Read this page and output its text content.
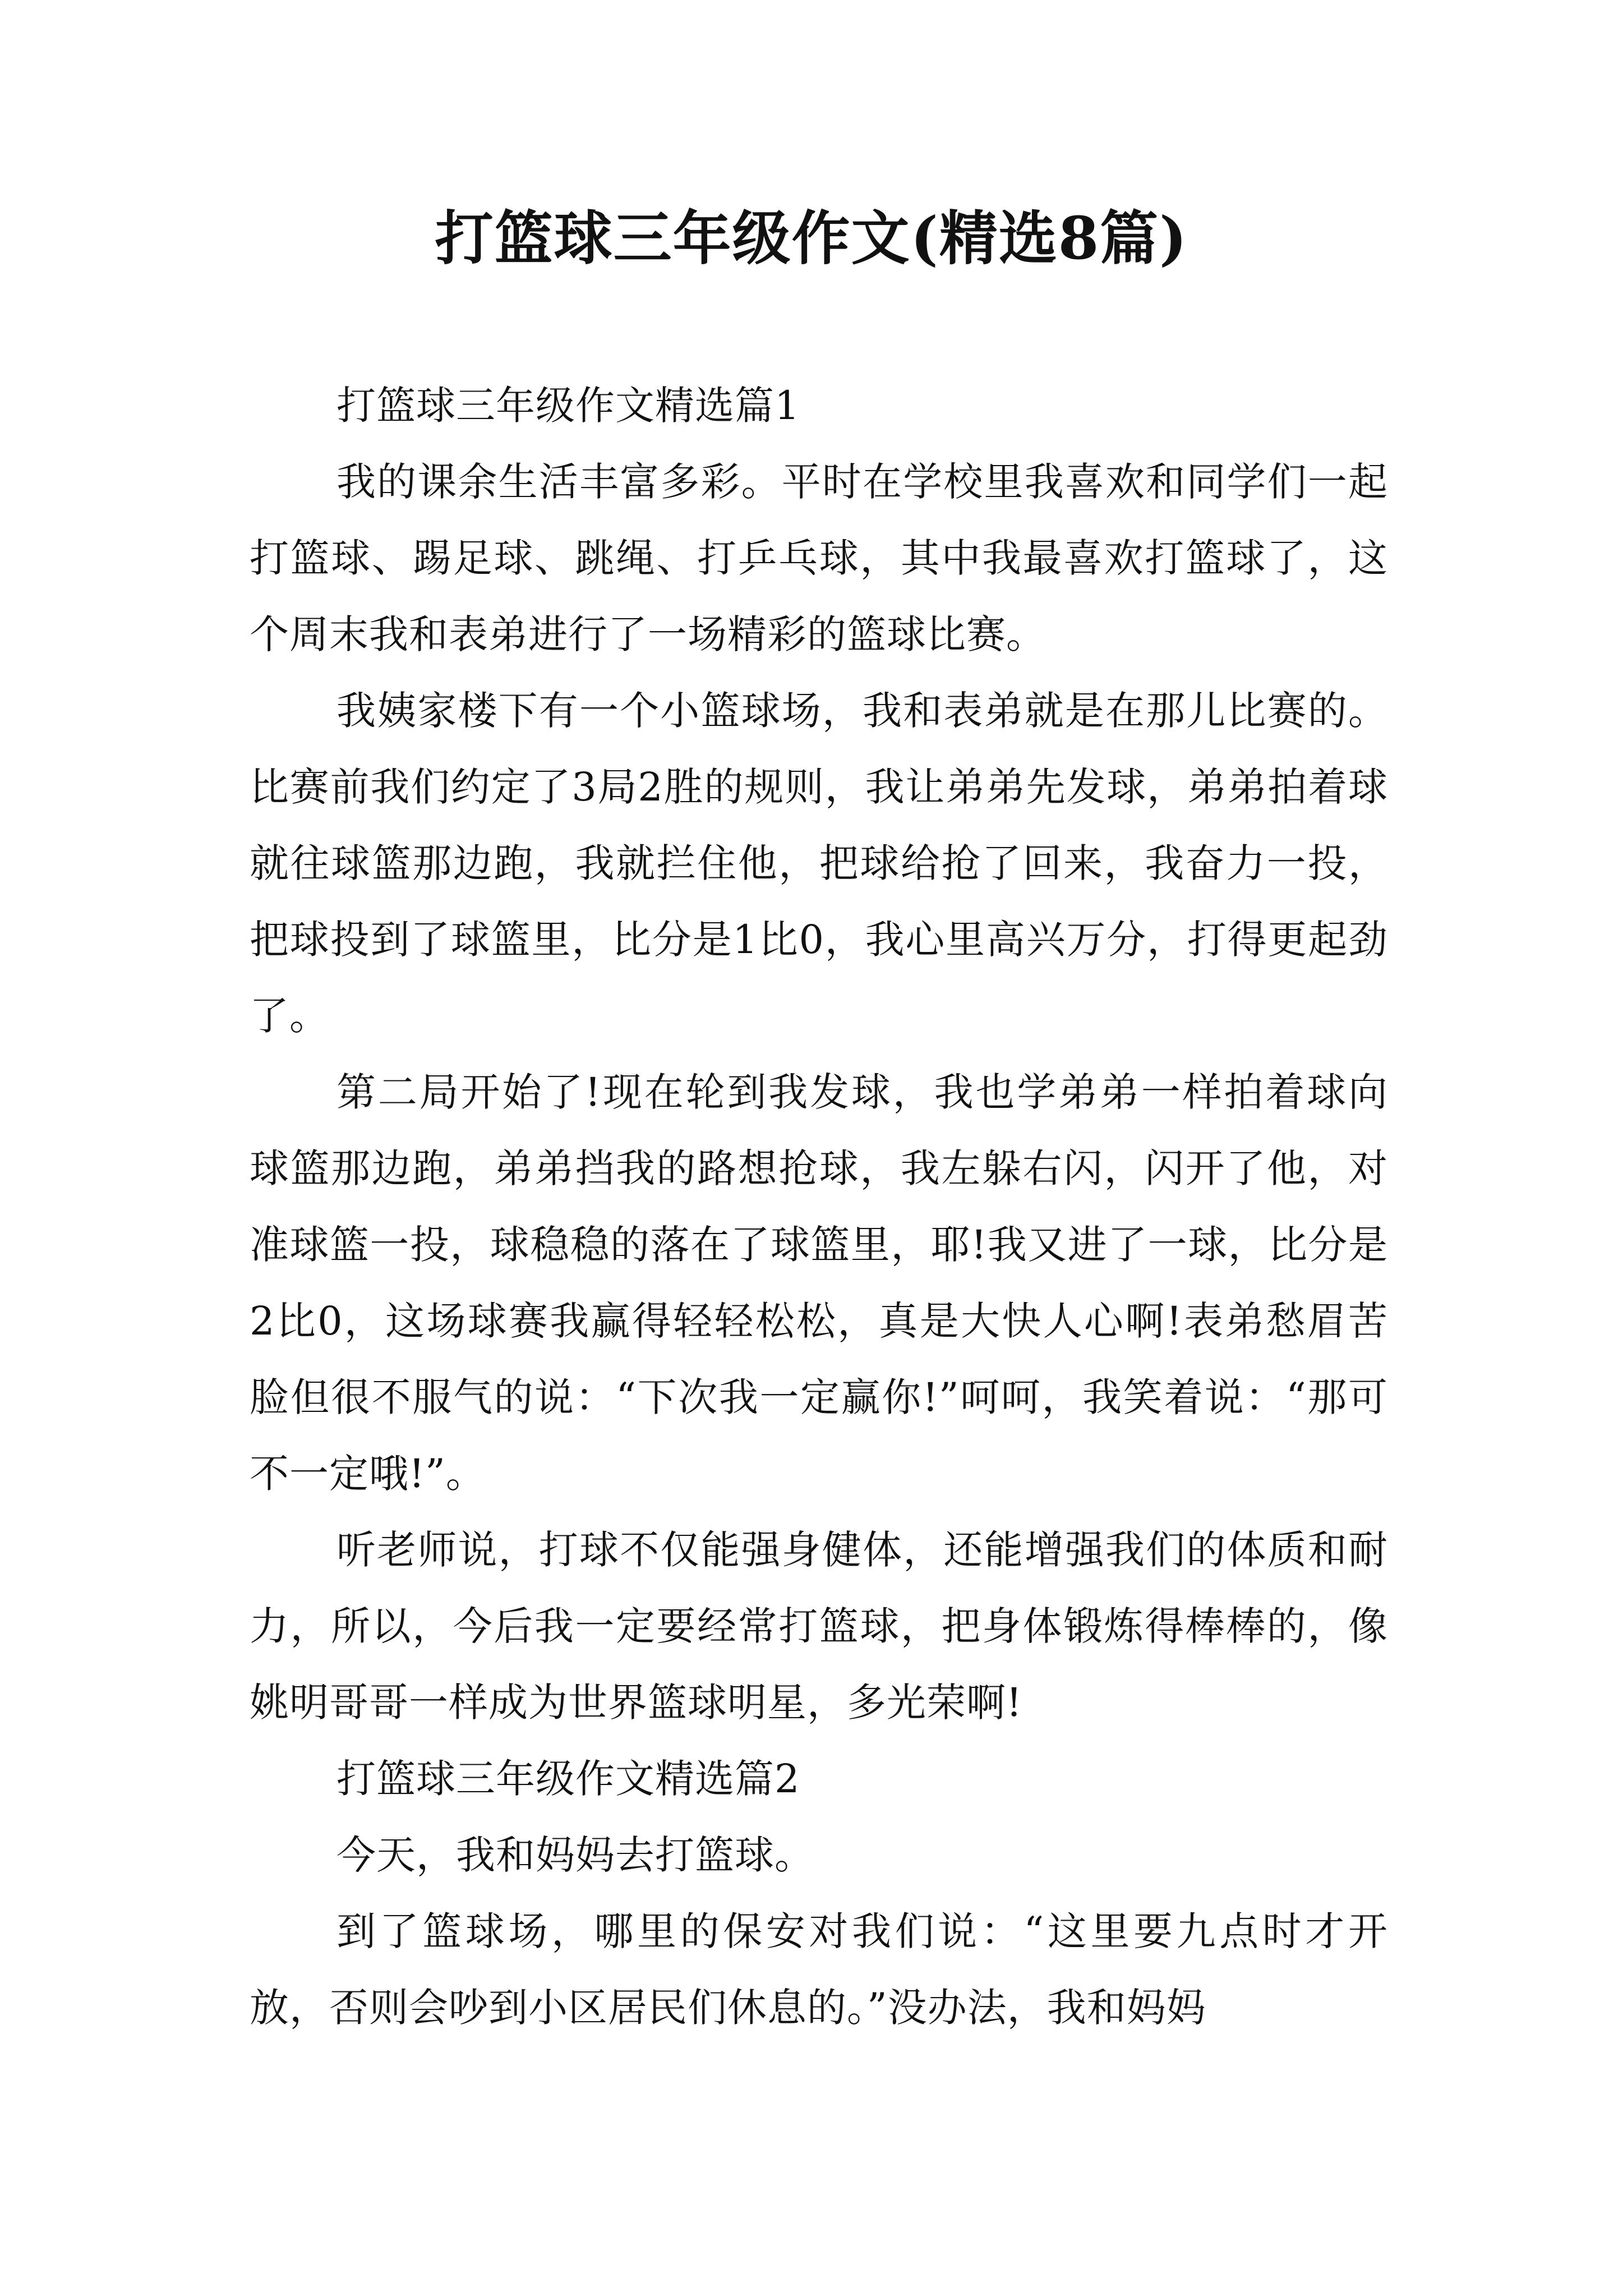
打篮球三年级作文(精选8篇)

打篮球三年级作文精选篇1

我的课余生活丰富多彩。平时在学校里我喜欢和同学们一起打篮球、踢足球、跳绳、打乒乓球，其中我最喜欢打篮球了，这个周末我和表弟进行了一场精彩的篮球比赛。

我姨家楼下有一个小篮球场，我和表弟就是在那儿比赛的。比赛前我们约定了3局2胜的规则，我让弟弟先发球，弟弟拍着球就往球篮那边跑，我就拦住他，把球给抢了回来，我奋力一投，把球投到了球篮里，比分是1比0，我心里高兴万分，打得更起劲了。

第二局开始了!现在轮到我发球，我也学弟弟一样拍着球向球篮那边跑，弟弟挡我的路想抢球，我左躲右闪，闪开了他，对准球篮一投，球稳稳的落在了球篮里，耶!我又进了一球，比分是2比0，这场球赛我赢得轻轻松松，真是大快人心啊!表弟愁眉苦脸但很不服气的说：“下次我一定赢你!”呵呵，我笑着说：“那可不一定哦!”。

听老师说，打球不仅能强身健体，还能增强我们的体质和耐力，所以，今后我一定要经常打篮球，把身体锻炼得棒棒的，像姚明哥哥一样成为世界篮球明星，多光荣啊!

打篮球三年级作文精选篇2

今天，我和妈妈去打篮球。

到了篮球场，哪里的保安对我们说：“这里要九点时才开放，否则会吵到小区居民们休息的。”没办法，我和妈妈
